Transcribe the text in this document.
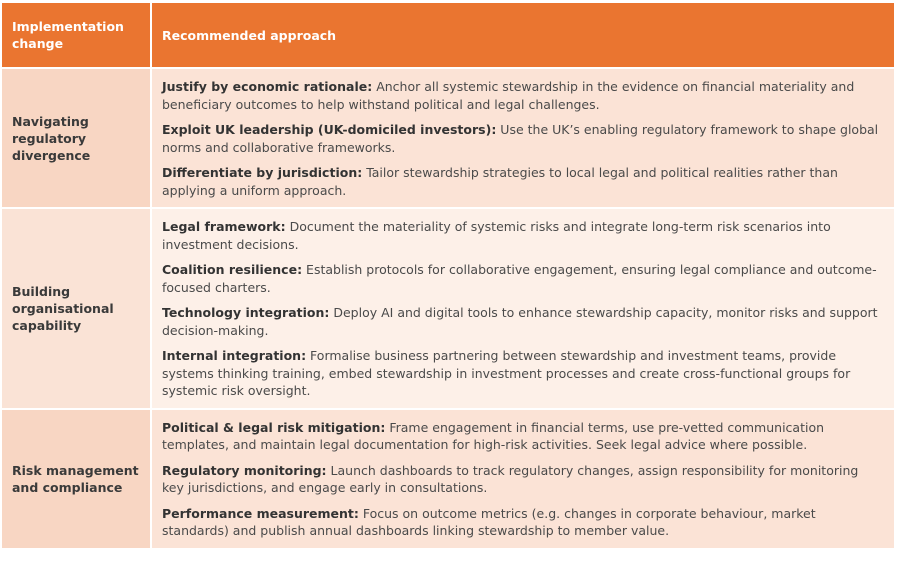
Implementation change	Recommended approach
Navigating regulatory divergence	Justify by economic rationale: Anchor all systemic stewardship in the evidence on financial materiality and beneficiary outcomes to help withstand political and legal challenges.

Exploit UK leadership (UK-domiciled investors): Use the UK’s enabling regulatory framework to shape global norms and collaborative frameworks.

Differentiate by jurisdiction: Tailor stewardship strategies to local legal and political realities rather than applying a uniform approach.

Building organisational capability	Legal framework: Document the materiality of systemic risks and integrate long-term risk scenarios into investment decisions.

Coalition resilience: Establish protocols for collaborative engagement, ensuring legal compliance and outcome-focused charters.

Technology integration: Deploy AI and digital tools to enhance stewardship capacity, monitor risks and support decision-making.

Internal integration: Formalise business partnering between stewardship and investment teams, provide systems thinking training, embed stewardship in investment processes and create cross-functional groups for systemic risk oversight.

Risk management and compliance	Political & legal risk mitigation: Frame engagement in financial terms, use pre-vetted communication templates, and maintain legal documentation for high-risk activities. Seek legal advice where possible.

Regulatory monitoring: Launch dashboards to track regulatory changes, assign responsibility for monitoring key jurisdictions, and engage early in consultations.

Performance measurement: Focus on outcome metrics (e.g. changes in corporate behaviour, market standards) and publish annual dashboards linking stewardship to member value.
